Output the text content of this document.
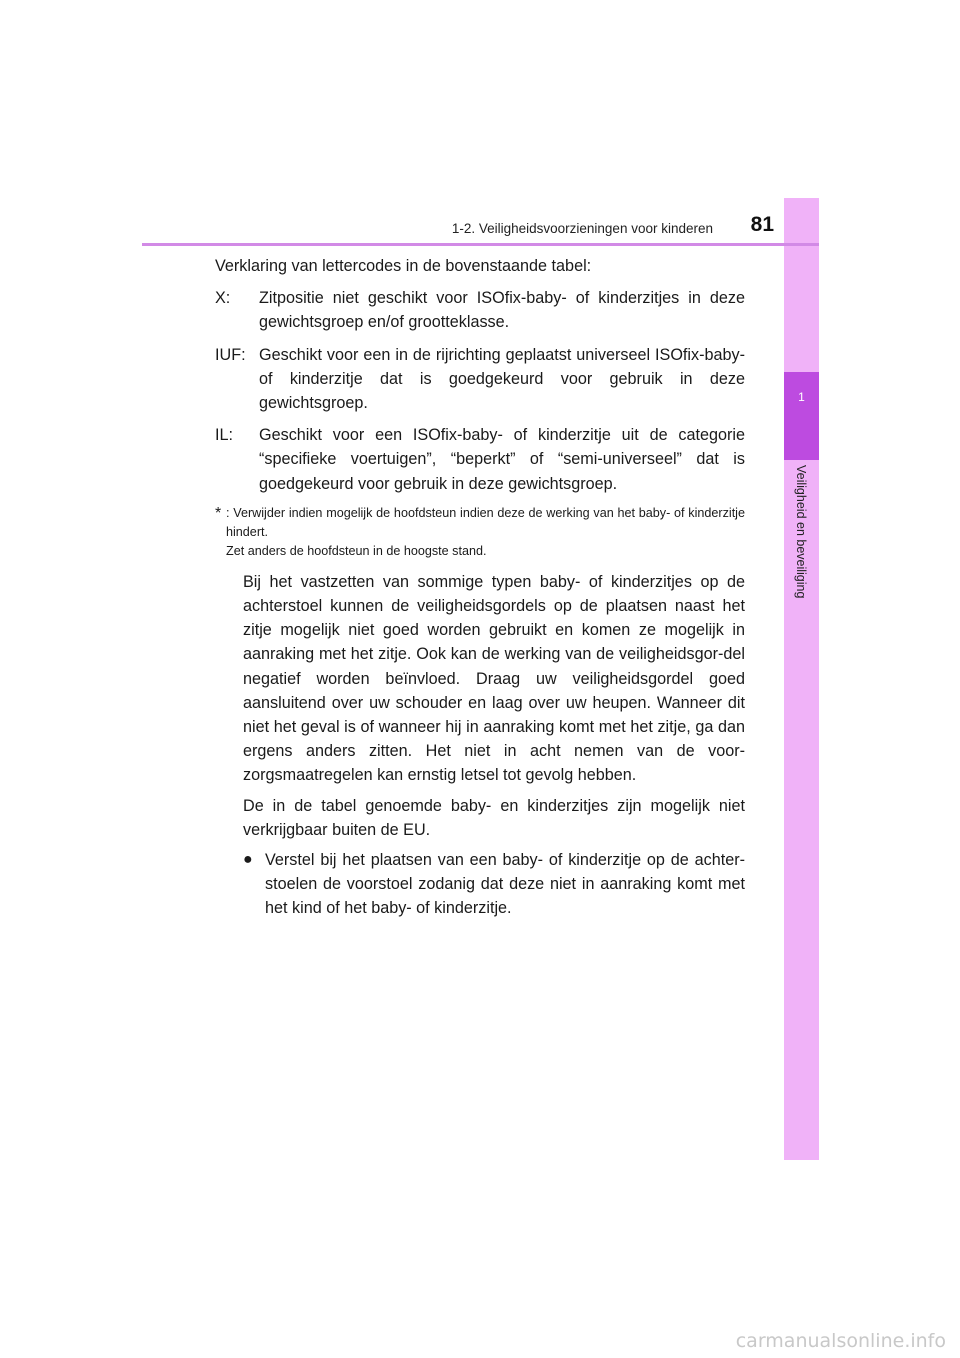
1
Veiligheid en beveiliging
1-2. Veiligheidsvoorzieningen voor kinderen	81

Verklaring van lettercodes in de bovenstaande tabel:

X:	Zitpositie niet geschikt voor ISOfix-baby- of kinderzitjes in deze gewichtsgroep en/of grootteklasse.
IUF: Geschikt voor een in de rijrichting geplaatst universeel ISOfix-baby- of kinderzitje dat is goedgekeurd voor gebruik in deze gewichtsgroep.
IL:	Geschikt voor een ISOfix-baby- of kinderzitje uit de categorie “specifieke voertuigen”, “beperkt” of “semi-universeel” dat is goedgekeurd voor gebruik in deze gewichtsgroep.
* : Verwijder indien mogelijk de hoofdsteun indien deze de werking van het baby- of kinderzitje hindert.
Zet anders de hoofdsteun in de hoogste stand.

Bij het vastzetten van sommige typen baby- of kinderzitjes op de achterstoel kunnen de veiligheidsgordels op de plaatsen naast het zitje mogelijk niet goed worden gebruikt en komen ze mogelijk in aanraking met het zitje. Ook kan de werking van de veiligheidsgor-del negatief worden beïnvloed. Draag uw veiligheidsgordel goed aansluitend over uw schouder en laag over uw heupen. Wanneer dit niet het geval is of wanneer hij in aanraking komt met het zitje, ga dan ergens anders zitten. Het niet in acht nemen van de voor-zorgsmaatregelen kan ernstig letsel tot gevolg hebben.

De in de tabel genoemde baby- en kinderzitjes zijn mogelijk niet verkrijgbaar buiten de EU.

● Verstel bij het plaatsen van een baby- of kinderzitje op de achter-stoelen de voorstoel zodanig dat deze niet in aanraking komt met het kind of het baby- of kinderzitje.
carmanualsonline.info
